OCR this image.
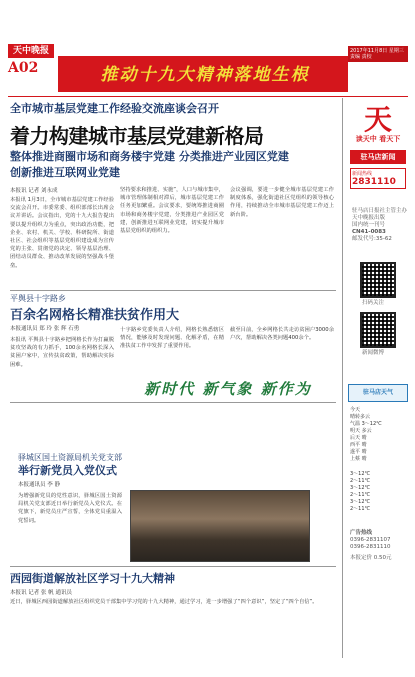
天中晚报
A02	推动十九大精神落地生根
2017年11月8日 星期三
责编 责校
全市城市基层党建工作经验交流座谈会召开
着力构建城市基层党建新格局
整体推进商圈市场和商务楼宇党建 分类推进产业园区党建
创新推进互联网业党建
本报讯 记者 刘永成
本报讯 1月3日，全市城市基层党建工作经验交流会召开。市委常委、组织部部长出席会议并讲话。会议指出，党的十九大报告提出要以提升组织力为重点，突出政治功能，把企业、农村、机关、学校、科研院所、街道社区、社会组织等基层党组织建设成为宣传党的主张、贯彻党的决定、领导基层治理、团结动员群众、推动改革发展的坚强战斗堡垒。
坚持要求和推进、实施”，人口与城市集中，城市管理体制相对滞后，城市基层党建工作任务更加繁重。会议要求，要统筹推进商圈市场和商务楼宇党建，分类推进产业园区党建，创新推进互联网业党建，切实提升城市基层党组织的组织力。
会议强调，要进一步健全城市基层党建工作制度体系，强化街道社区党组织的领导核心作用，持续推动全市城市基层党建工作迈上新台阶。
平舆县十字路乡
百余名网格长精准扶贫作用大
本报通讯员 郑 玲 张 辉 石勇
本报讯 平舆县十字路乡把网格长作为打赢脱贫攻坚战的有力抓手，100余名网格长深入贫困户家中，宣传扶贫政策，帮助解决实际困难。
十字路乡党委负责人介绍，网格长熟悉辖区情况，能够及时发现问题、化解矛盾，在精准扶贫工作中发挥了重要作用。
截至目前，全乡网格长共走访贫困户3000余户次，帮助解决各类问题400余个。
新时代 新气象 新作为
驿城区国土资源局机关党支部
举行新党员入党仪式
本报通讯员 李 静
为增强新党员的党性意识，驿城区国土资源局机关党支部近日举行新党员入党仪式。在党旗下，新党员庄严宣誓，全体党员重温入党誓词。
西园街道解放社区学习十九大精神
本报讯 记者 张 帆 通讯员
近日，驿城区西园街道解放社区组织党员干部集中学习党的十九大精神，通过学习，进一步增强了“四个意识”，坚定了“四个自信”。
天
读天中 看天下
驻马店新闻
新闻热线
2831110
驻马店日报社主管主办
天中晚报出版
国内统一刊号
CN41-0083
邮发代号:35-62
扫码关注
新闻微博
驻马店天气
今天
晴转多云
气温 3～12℃
明天 多云
后天 晴
西平 晴
遂平 晴
上蔡 晴
3～12℃
2～11℃
3～12℃
2～11℃
3～12℃
2～11℃
广告热线
0396-2831107
0396-2831110
本报定价 0.50元
